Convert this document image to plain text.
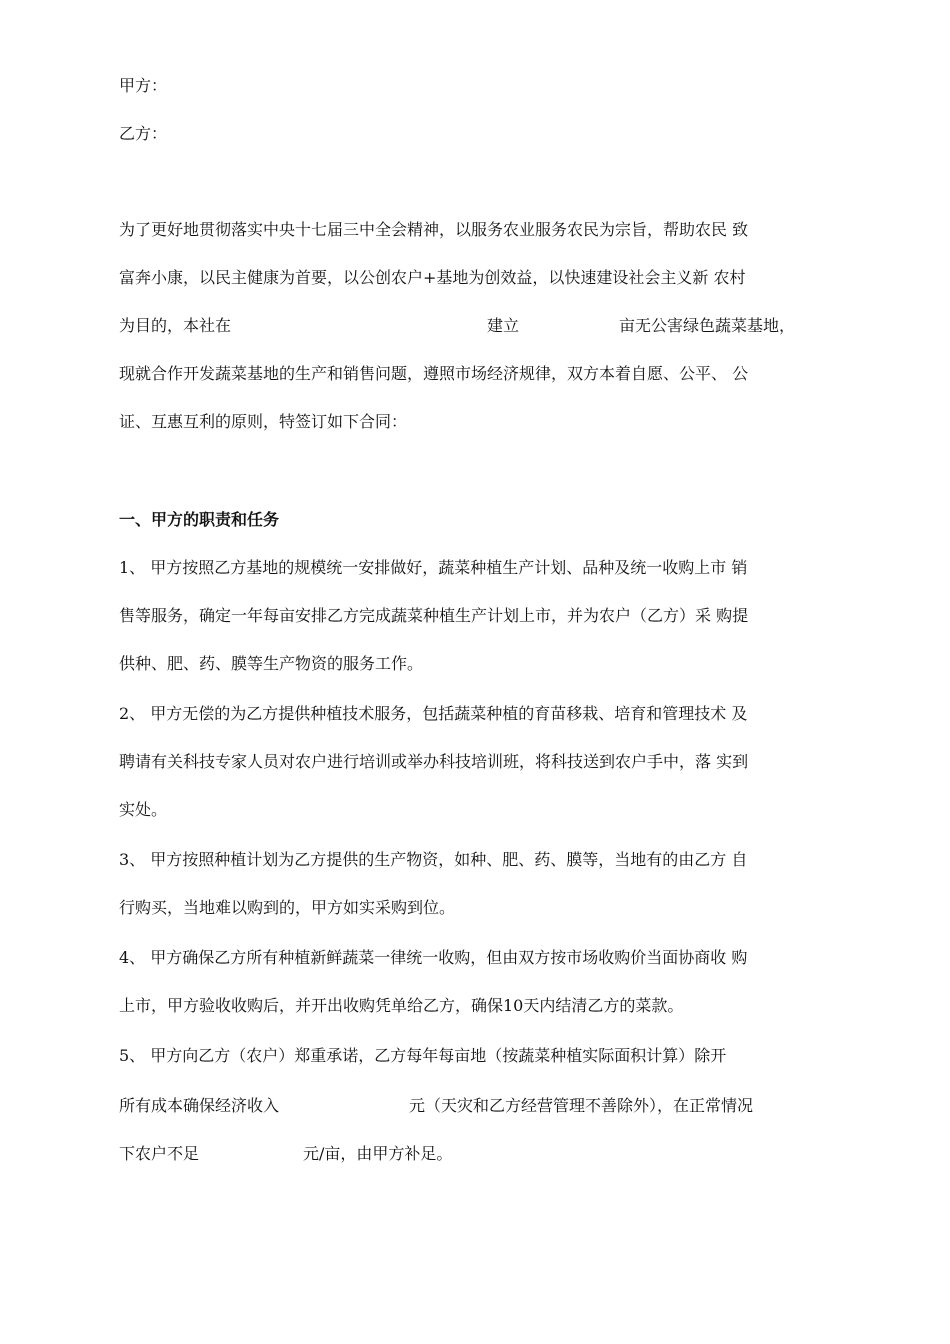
甲方：
乙方：
为了更好地贯彻落实中央十七届三中全会精神，以服务农业服务农民为宗旨，帮助农民 致
富奔小康，以民主健康为首要，以公创农户+基地为创效益，以快速建设社会主义新 农村
为目的，本社在	建立	亩无公害绿色蔬菜基地，
现就合作开发蔬菜基地的生产和销售问题，遵照市场经济规律，双方本着自愿、公平、 公
证、互惠互利的原则，特签订如下合同：
一、甲方的职责和任务
1、 甲方按照乙方基地的规模统一安排做好，蔬菜种植生产计划、品种及统一收购上市 销
售等服务，确定一年每亩安排乙方完成蔬菜种植生产计划上市，并为农户（乙方）采 购提
供种、肥、药、膜等生产物资的服务工作。
2、 甲方无偿的为乙方提供种植技术服务，包括蔬菜种植的育苗移栽、培育和管理技术 及
聘请有关科技专家人员对农户进行培训或举办科技培训班，将科技送到农户手中，落 实到
实处。
3、 甲方按照种植计划为乙方提供的生产物资，如种、肥、药、膜等，当地有的由乙方 自
行购买，当地难以购到的，甲方如实采购到位。
4、 甲方确保乙方所有种植新鲜蔬菜一律统一收购，但由双方按市场收购价当面协商收 购
上市，甲方验收收购后，并开出收购凭单给乙方，确保10天内结清乙方的菜款。
5、 甲方向乙方（农户）郑重承诺，乙方每年每亩地（按蔬菜种植实际面积计算）除开
所有成本确保经济收入	元（天灾和乙方经营管理不善除外），在正常情况
下农户不足	元/亩，由甲方补足。
